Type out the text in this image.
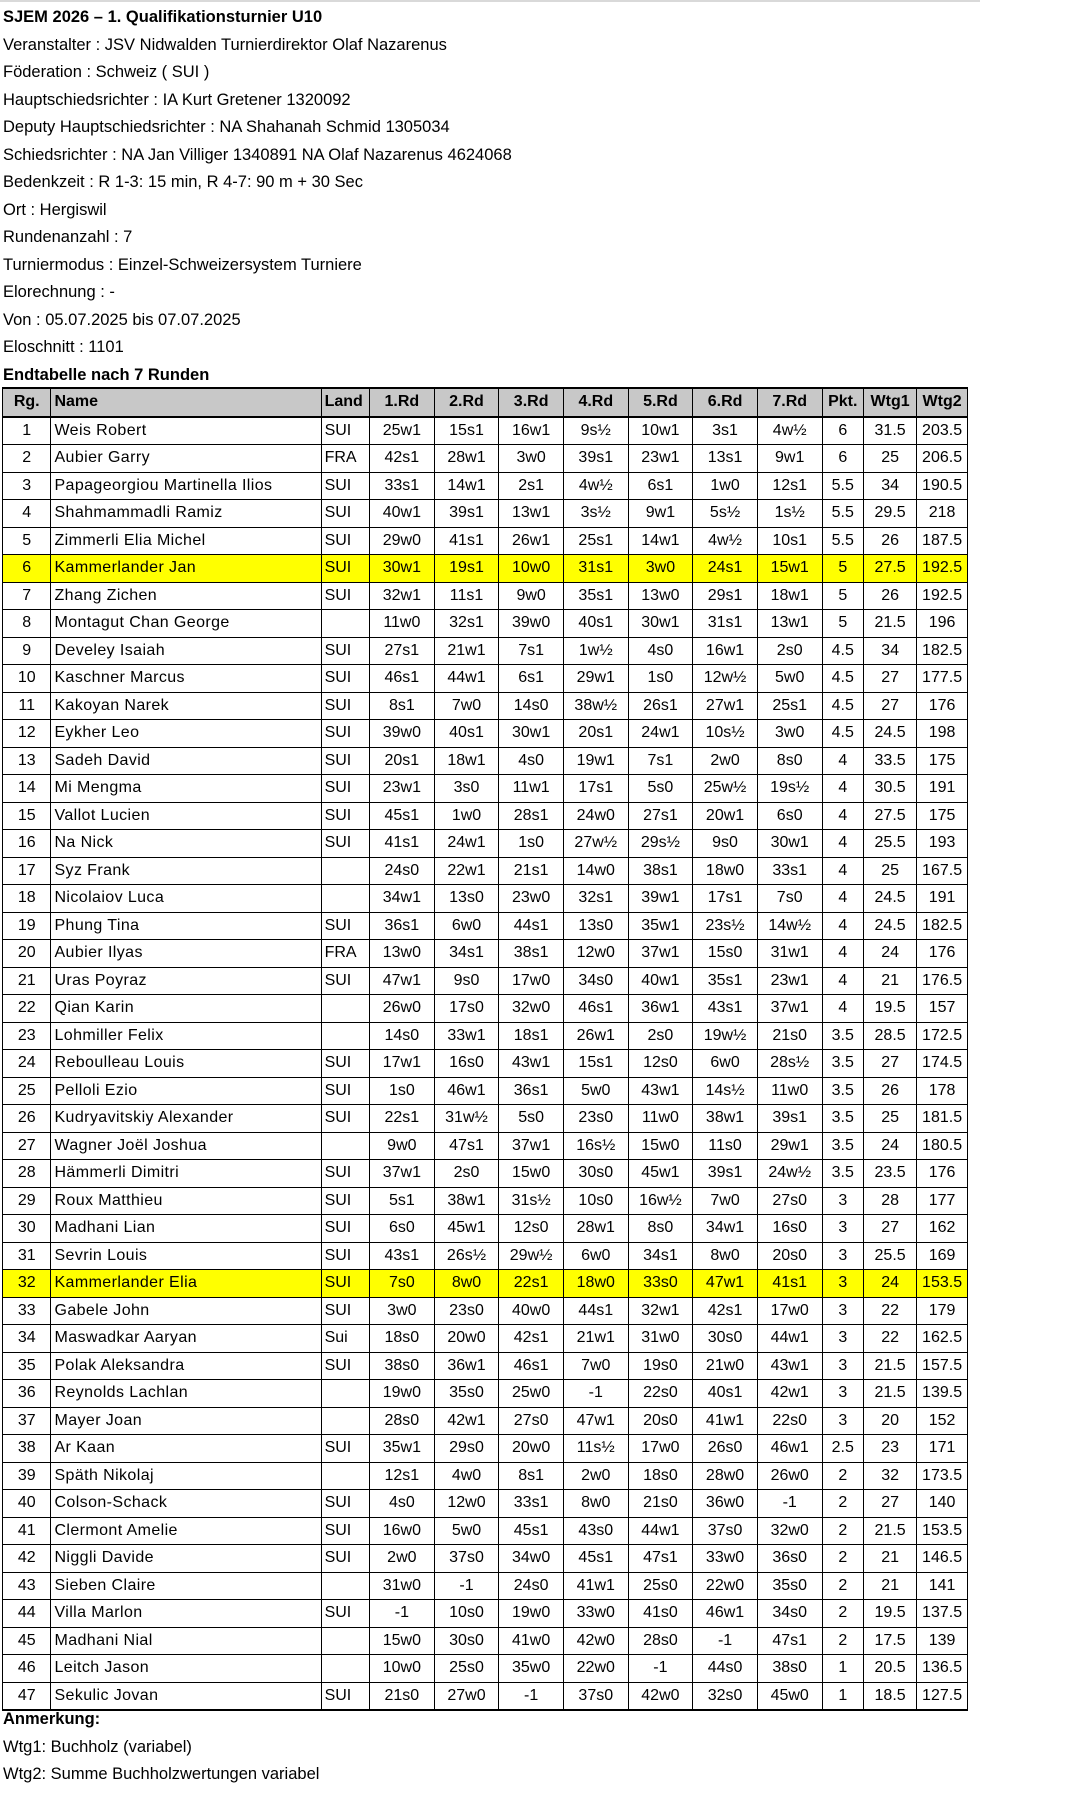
SJEM 2026 – 1. Qualifikationsturnier U10
Veranstalter : JSV Nidwalden Turnierdirektor Olaf Nazarenus
Föderation : Schweiz ( SUI )
Hauptschiedsrichter : IA Kurt Gretener 1320092
Deputy Hauptschiedsrichter : NA Shahanah Schmid 1305034
Schiedsrichter : NA Jan Villiger 1340891 NA Olaf Nazarenus 4624068
Bedenkzeit : R 1-3: 15 min, R 4-7: 90 m + 30 Sec
Ort : Hergiswil
Rundenanzahl : 7
Turniermodus : Einzel-Schweizersystem Turniere
Elorechnung : -
Von : 05.07.2025 bis 07.07.2025
Eloschnitt : 1101
Endtabelle nach 7 Runden
Rg.	Name	Land	1.Rd	2.Rd	3.Rd	4.Rd	5.Rd	6.Rd	7.Rd	Pkt.	Wtg1	Wtg2
1	Weis Robert	SUI	25w1	15s1	16w1	9s½	10w1	3s1	4w½	6	31.5	203.5
2	Aubier Garry	FRA	42s1	28w1	3w0	39s1	23w1	13s1	9w1	6	25	206.5
3	Papageorgiou Martinella Ilios	SUI	33s1	14w1	2s1	4w½	6s1	1w0	12s1	5.5	34	190.5
4	Shahmammadli Ramiz	SUI	40w1	39s1	13w1	3s½	9w1	5s½	1s½	5.5	29.5	218
5	Zimmerli Elia Michel	SUI	29w0	41s1	26w1	25s1	14w1	4w½	10s1	5.5	26	187.5
6	Kammerlander Jan	SUI	30w1	19s1	10w0	31s1	3w0	24s1	15w1	5	27.5	192.5
7	Zhang Zichen	SUI	32w1	11s1	9w0	35s1	13w0	29s1	18w1	5	26	192.5
8	Montagut Chan George		11w0	32s1	39w0	40s1	30w1	31s1	13w1	5	21.5	196
9	Develey Isaiah	SUI	27s1	21w1	7s1	1w½	4s0	16w1	2s0	4.5	34	182.5
10	Kaschner Marcus	SUI	46s1	44w1	6s1	29w1	1s0	12w½	5w0	4.5	27	177.5
11	Kakoyan Narek	SUI	8s1	7w0	14s0	38w½	26s1	27w1	25s1	4.5	27	176
12	Eykher Leo	SUI	39w0	40s1	30w1	20s1	24w1	10s½	3w0	4.5	24.5	198
13	Sadeh David	SUI	20s1	18w1	4s0	19w1	7s1	2w0	8s0	4	33.5	175
14	Mi Mengma	SUI	23w1	3s0	11w1	17s1	5s0	25w½	19s½	4	30.5	191
15	Vallot Lucien	SUI	45s1	1w0	28s1	24w0	27s1	20w1	6s0	4	27.5	175
16	Na Nick	SUI	41s1	24w1	1s0	27w½	29s½	9s0	30w1	4	25.5	193
17	Syz Frank		24s0	22w1	21s1	14w0	38s1	18w0	33s1	4	25	167.5
18	Nicolaiov Luca		34w1	13s0	23w0	32s1	39w1	17s1	7s0	4	24.5	191
19	Phung Tina	SUI	36s1	6w0	44s1	13s0	35w1	23s½	14w½	4	24.5	182.5
20	Aubier Ilyas	FRA	13w0	34s1	38s1	12w0	37w1	15s0	31w1	4	24	176
21	Uras Poyraz	SUI	47w1	9s0	17w0	34s0	40w1	35s1	23w1	4	21	176.5
22	Qian Karin		26w0	17s0	32w0	46s1	36w1	43s1	37w1	4	19.5	157
23	Lohmiller Felix		14s0	33w1	18s1	26w1	2s0	19w½	21s0	3.5	28.5	172.5
24	Reboulleau Louis	SUI	17w1	16s0	43w1	15s1	12s0	6w0	28s½	3.5	27	174.5
25	Pelloli Ezio	SUI	1s0	46w1	36s1	5w0	43w1	14s½	11w0	3.5	26	178
26	Kudryavitskiy Alexander	SUI	22s1	31w½	5s0	23s0	11w0	38w1	39s1	3.5	25	181.5
27	Wagner Joël Joshua		9w0	47s1	37w1	16s½	15w0	11s0	29w1	3.5	24	180.5
28	Hämmerli Dimitri	SUI	37w1	2s0	15w0	30s0	45w1	39s1	24w½	3.5	23.5	176
29	Roux Matthieu	SUI	5s1	38w1	31s½	10s0	16w½	7w0	27s0	3	28	177
30	Madhani Lian	SUI	6s0	45w1	12s0	28w1	8s0	34w1	16s0	3	27	162
31	Sevrin Louis	SUI	43s1	26s½	29w½	6w0	34s1	8w0	20s0	3	25.5	169
32	Kammerlander Elia	SUI	7s0	8w0	22s1	18w0	33s0	47w1	41s1	3	24	153.5
33	Gabele John	SUI	3w0	23s0	40w0	44s1	32w1	42s1	17w0	3	22	179
34	Maswadkar Aaryan	Sui	18s0	20w0	42s1	21w1	31w0	30s0	44w1	3	22	162.5
35	Polak Aleksandra	SUI	38s0	36w1	46s1	7w0	19s0	21w0	43w1	3	21.5	157.5
36	Reynolds Lachlan		19w0	35s0	25w0	-1	22s0	40s1	42w1	3	21.5	139.5
37	Mayer Joan		28s0	42w1	27s0	47w1	20s0	41w1	22s0	3	20	152
38	Ar Kaan	SUI	35w1	29s0	20w0	11s½	17w0	26s0	46w1	2.5	23	171
39	Späth Nikolaj		12s1	4w0	8s1	2w0	18s0	28w0	26w0	2	32	173.5
40	Colson-Schack	SUI	4s0	12w0	33s1	8w0	21s0	36w0	-1	2	27	140
41	Clermont Amelie	SUI	16w0	5w0	45s1	43s0	44w1	37s0	32w0	2	21.5	153.5
42	Niggli Davide	SUI	2w0	37s0	34w0	45s1	47s1	33w0	36s0	2	21	146.5
43	Sieben Claire		31w0	-1	24s0	41w1	25s0	22w0	35s0	2	21	141
44	Villa Marlon	SUI	-1	10s0	19w0	33w0	41s0	46w1	34s0	2	19.5	137.5
45	Madhani Nial		15w0	30s0	41w0	42w0	28s0	-1	47s1	2	17.5	139
46	Leitch Jason		10w0	25s0	35w0	22w0	-1	44s0	38s0	1	20.5	136.5
47	Sekulic Jovan	SUI	21s0	27w0	-1	37s0	42w0	32s0	45w0	1	18.5	127.5
Anmerkung:
Wtg1: Buchholz (variabel)
Wtg2: Summe Buchholzwertungen variabel
